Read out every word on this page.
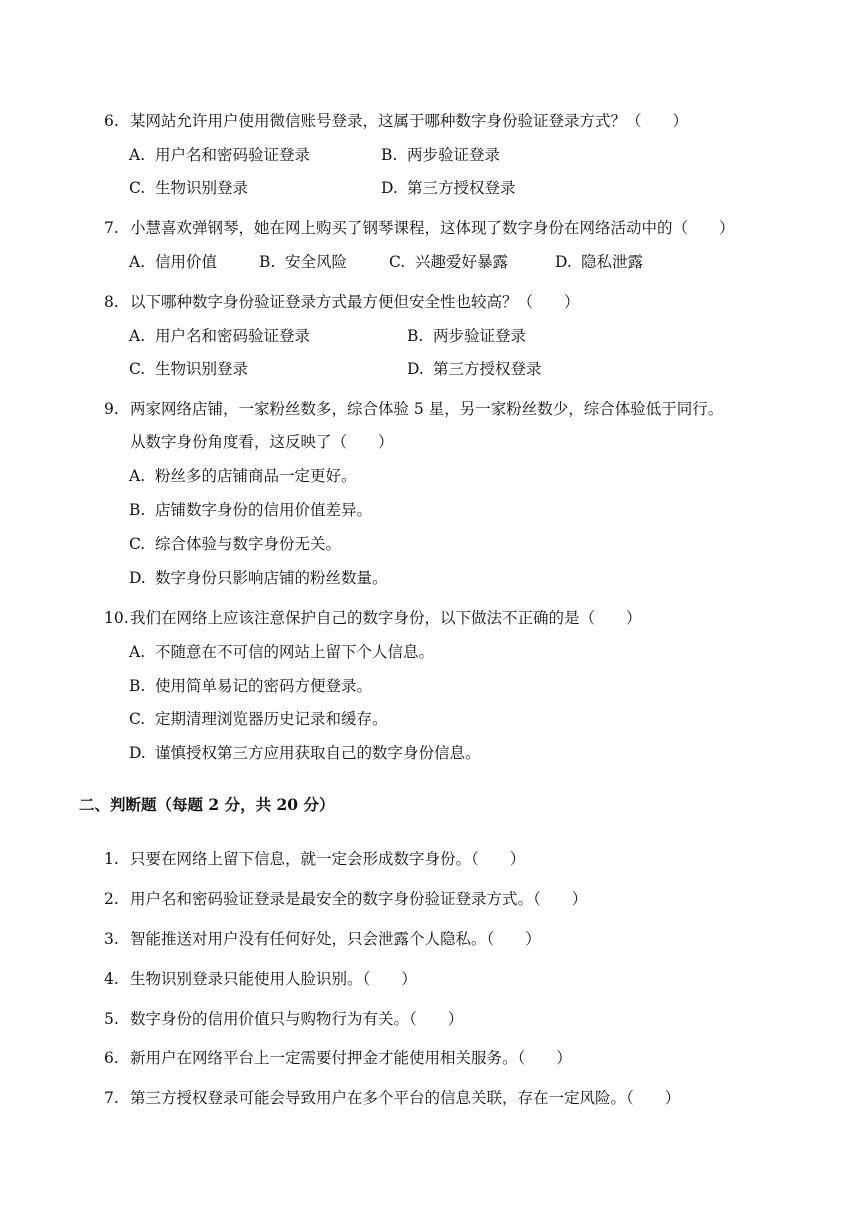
6. 某网站允许用户使用微信账号登录，这属于哪种数字身份验证登录方式？（　　）
A. 用户名和密码验证登录	B. 两步验证登录
C. 生物识别登录	D. 第三方授权登录
7. 小慧喜欢弹钢琴，她在网上购买了钢琴课程，这体现了数字身份在网络活动中的（　　）
A. 信用价值	B. 安全风险	C. 兴趣爱好暴露	D. 隐私泄露
8. 以下哪种数字身份验证登录方式最方便但安全性也较高？（　　）
A. 用户名和密码验证登录	B. 两步验证登录
C. 生物识别登录	D. 第三方授权登录
9. 两家网络店铺，一家粉丝数多，综合体验 5 星，另一家粉丝数少，综合体验低于同行。
从数字身份角度看，这反映了（　　）
A. 粉丝多的店铺商品一定更好。
B. 店铺数字身份的信用价值差异。
C. 综合体验与数字身份无关。
D. 数字身份只影响店铺的粉丝数量。
10.我们在网络上应该注意保护自己的数字身份，以下做法不正确的是（　　）
A. 不随意在不可信的网站上留下个人信息。
B. 使用简单易记的密码方便登录。
C. 定期清理浏览器历史记录和缓存。
D. 谨慎授权第三方应用获取自己的数字身份信息。
二、判断题（每题 2 分，共 20 分）
1. 只要在网络上留下信息，就一定会形成数字身份。（　　）
2. 用户名和密码验证登录是最安全的数字身份验证登录方式。（　　）
3. 智能推送对用户没有任何好处，只会泄露个人隐私。（　　）
4. 生物识别登录只能使用人脸识别。（　　）
5. 数字身份的信用价值只与购物行为有关。（　　）
6. 新用户在网络平台上一定需要付押金才能使用相关服务。（　　）
7. 第三方授权登录可能会导致用户在多个平台的信息关联，存在一定风险。（　　）
